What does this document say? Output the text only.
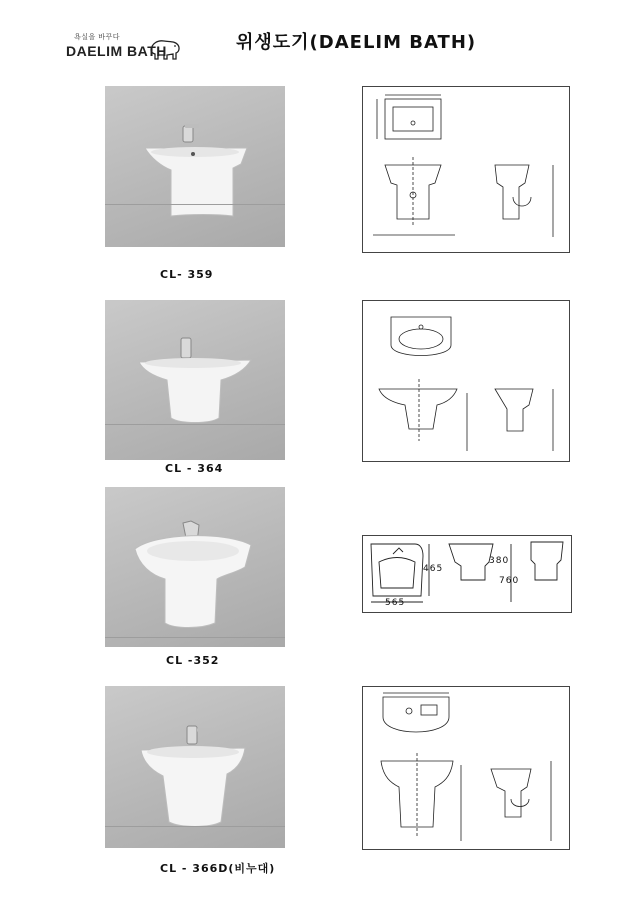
욕실을 바꾸다
DAELIM BATH	위생도기(DAELIM BATH)
CL- 359
CL - 364
CL -352
CL - 366D(비누대)
465
565
380
760
